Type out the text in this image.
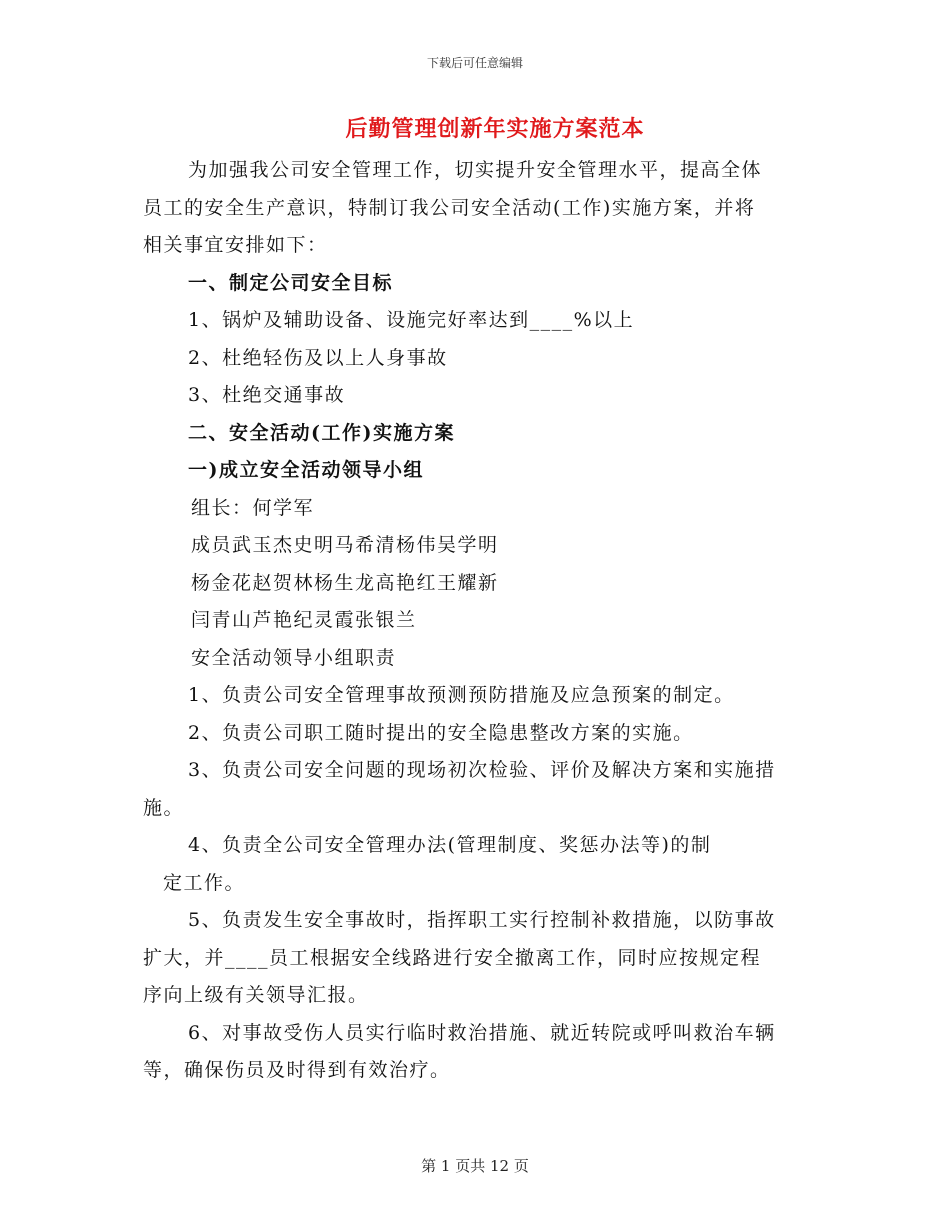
下载后可任意编辑
后勤管理创新年实施方案范本

为加强我公司安全管理工作，切实提升安全管理水平，提高全体

员工的安全生产意识，特制订我公司安全活动(工作)实施方案，并将

相关事宜安排如下：

一、制定公司安全目标

1、锅炉及辅助设备、设施完好率达到____%以上

2、杜绝轻伤及以上人身事故

3、杜绝交通事故

二、安全活动(工作)实施方案

一)成立安全活动领导小组

组长：何学军

成员武玉杰史明马希清杨伟吴学明

杨金花赵贺林杨生龙高艳红王耀新

闫青山芦艳纪灵霞张银兰

安全活动领导小组职责

1、负责公司安全管理事故预测预防措施及应急预案的制定。

2、负责公司职工随时提出的安全隐患整改方案的实施。

3、负责公司安全问题的现场初次检验、评价及解决方案和实施措

施。

4、负责全公司安全管理办法(管理制度、奖惩办法等)的制

定工作。

5、负责发生安全事故时，指挥职工实行控制补救措施，以防事故

扩大，并____员工根据安全线路进行安全撤离工作，同时应按规定程

序向上级有关领导汇报。

6、对事故受伤人员实行临时救治措施、就近转院或呼叫救治车辆

等，确保伤员及时得到有效治疗。

第 1 页共 12 页
